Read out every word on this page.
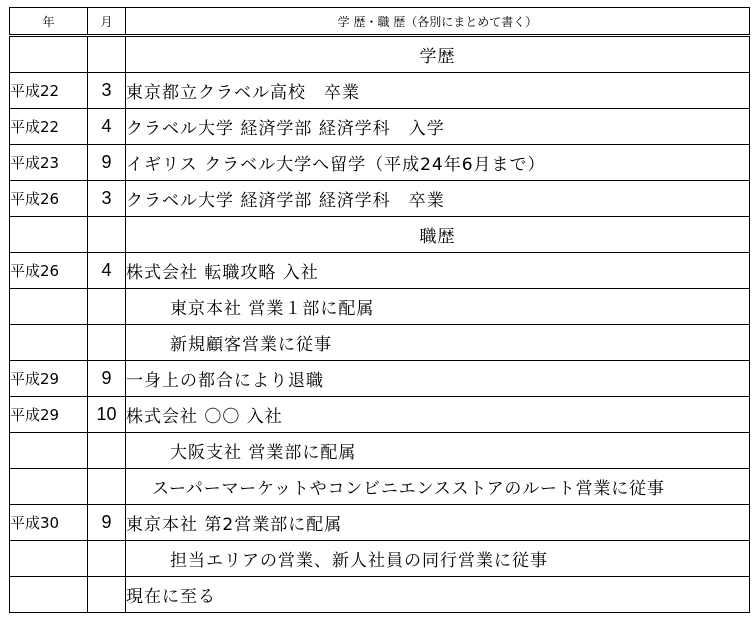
年	月	学 歴・職 歴（各別にまとめて書く）
		学歴
平成22	3	東京都立クラベル高校　卒業
平成22	4	クラベル大学 経済学部 経済学科　入学
平成23	9	イギリス クラベル大学へ留学（平成24年6月まで）
平成26	3	クラベル大学 経済学部 経済学科　卒業
		職歴
平成26	4	株式会社 転職攻略 入社
		東京本社 営業１部に配属
		新規顧客営業に従事
平成29	9	一身上の都合により退職
平成29	10	株式会社 〇〇 入社
		大阪支社 営業部に配属
		スーパーマーケットやコンビニエンスストアのルート営業に従事
平成30	9	東京本社 第2営業部に配属
		担当エリアの営業、新人社員の同行営業に従事
		現在に至る
